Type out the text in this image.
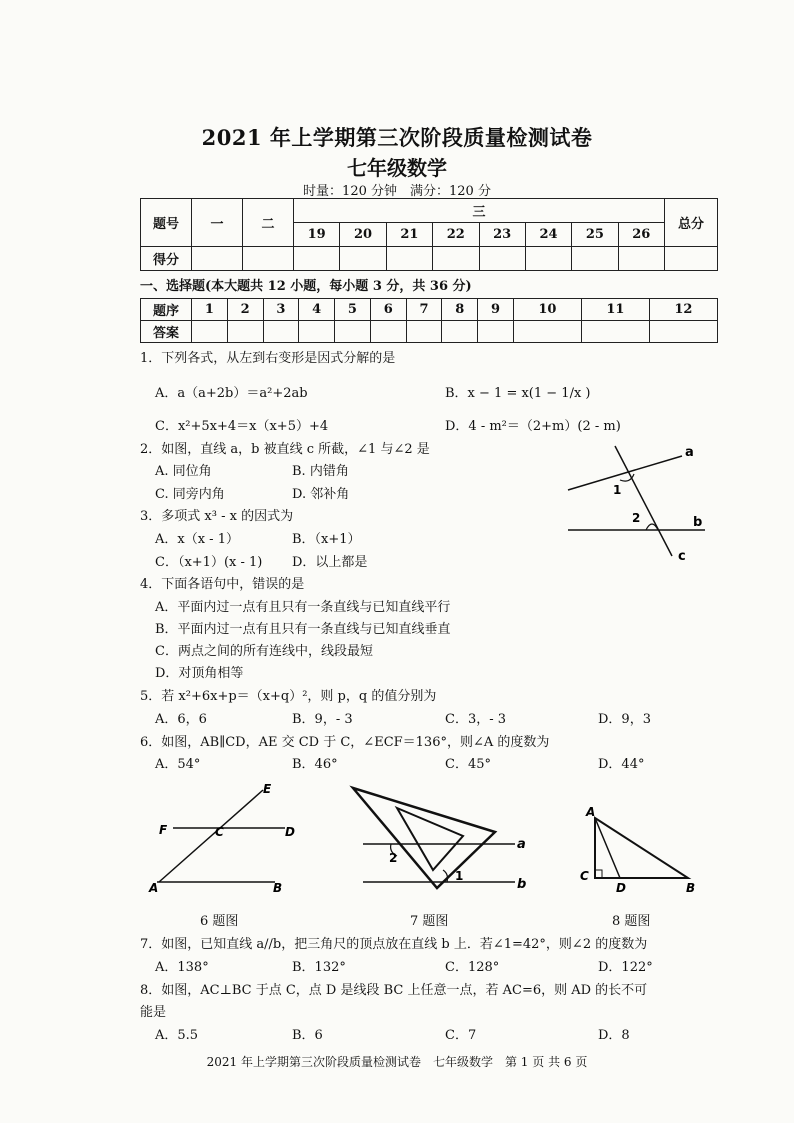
2021 年上学期第三次阶段质量检测试卷
七年级数学
时量：120 分钟　满分：120 分
题号	一	二	三								总分
			19	20	21	22	23	24	25	26	
得分											
一、选择题(本大题共 12 小题，每小题 3 分，共 36 分)
题序	1	2	3	4	5	6	7	8	9	10	11	12
答案												
1．下列各式，从左到右变形是因式分解的是
A．a（a+2b）＝a²+2ab	B．x − 1 = x(1 − 1/x )
C．x²+5x+4＝x（x+5）+4	D．4 - m²＝（2+m）(2 - m)
2．如图，直线 a，b 被直线 c 所截，∠1 与∠2 是
A. 同位角	B. 内错角
C. 同旁内角	D. 邻补角
a
b
c
1
2
3．多项式 x³ - x 的因式为
A．x（x - 1）	B．（x+1）
C．（x+1）(x - 1) D．以上都是
4．下面各语句中，错误的是
A．平面内过一点有且只有一条直线与已知直线平行
B．平面内过一点有且只有一条直线与已知直线垂直
C．两点之间的所有连线中，线段最短
D．对顶角相等
5．若 x²+6x+p＝（x+q）²，则 p，q 的值分别为
A．6，6	B．9，- 3	C．3，- 3	D．9，3
6．如图，AB∥CD，AE 交 CD 于 C，∠ECF＝136°，则∠A 的度数为
A．54°	B．46°	C．45°	D．44°
E
F	C	D
A	B
6 题图
a
b
1
2
7 题图
A
C
D	B
8 题图
7．如图，已知直线 a//b，把三角尺的顶点放在直线 b 上．若∠1=42°，则∠2 的度数为
A．138°	B．132°	C．128°	D．122°
8．如图，AC⊥BC 于点 C，点 D 是线段 BC 上任意一点，若 AC=6，则 AD 的长不可
能是
A．5.5	B．6	C．7	D．8
2021 年上学期第三次阶段质量检测试卷　七年级数学　第 1 页 共 6 页
